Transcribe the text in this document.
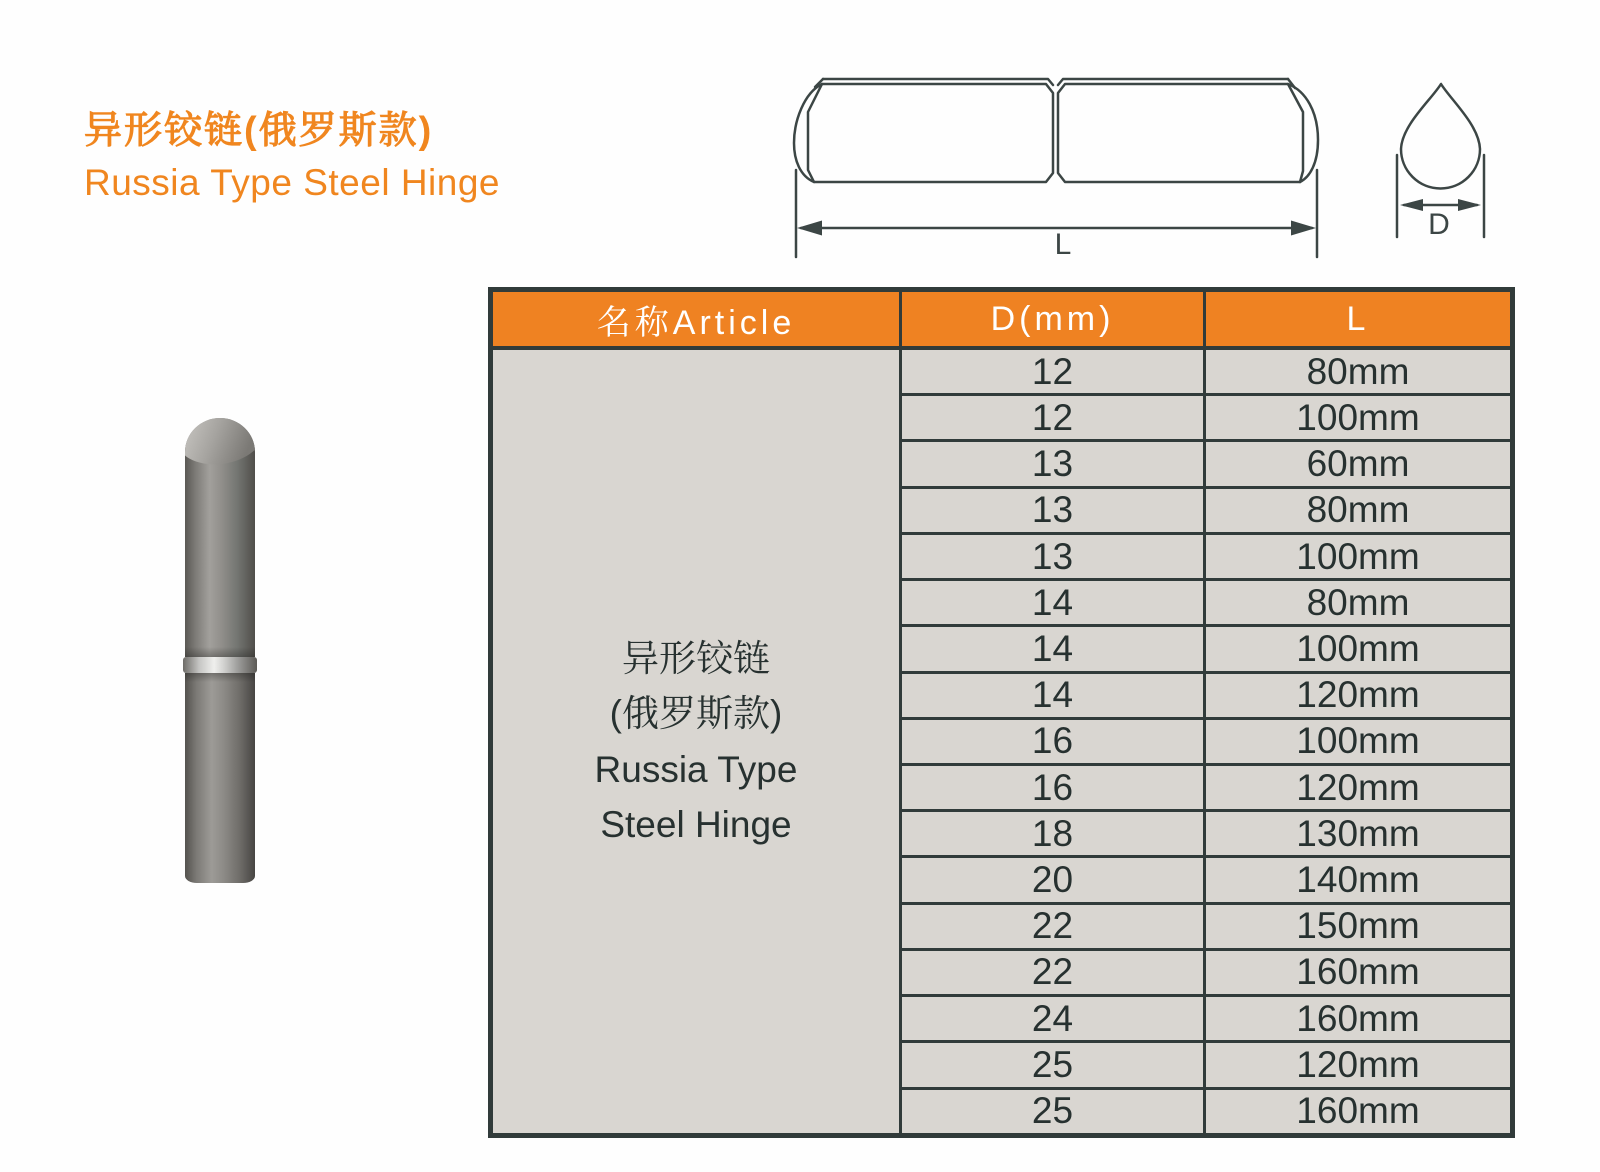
异形铰链(俄罗斯款)
Russia Type Steel Hinge
L
D
名称Article	D(mm)	L

异形铰链
(俄罗斯款)
Russia Type
Steel Hinge	12	80mm
	12	100mm
	13	60mm
	13	80mm
	13	100mm
	14	80mm
	14	100mm
	14	120mm
	16	100mm
	16	120mm
	18	130mm
	20	140mm
	22	150mm
	22	160mm
	24	160mm
	25	120mm
	25	160mm
